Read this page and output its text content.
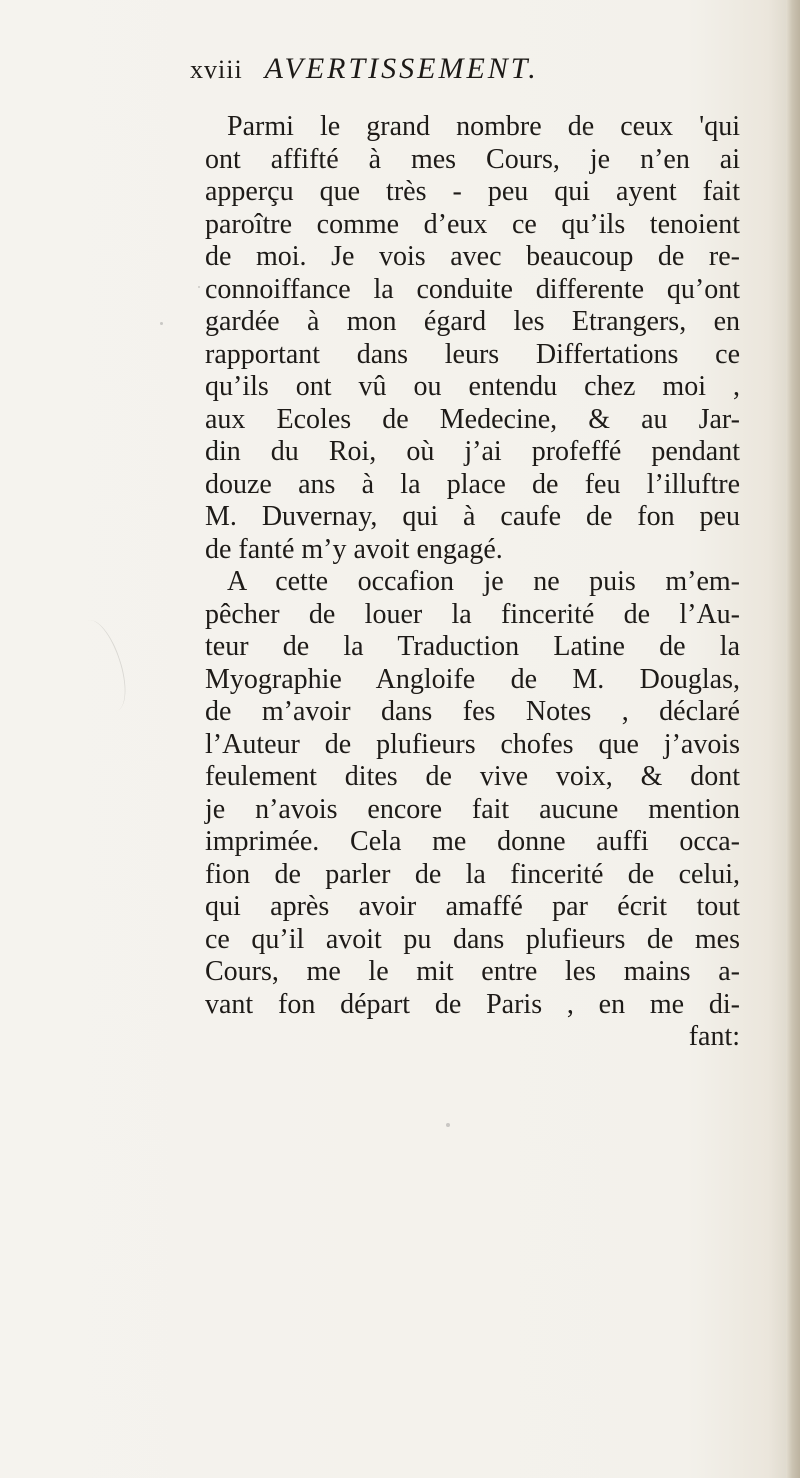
xviii AVERTISSEMENT.
Parmi le grand nombre de ceux 'qui
ont affifté à mes Cours, je n’en ai
apperçu que très - peu qui ayent fait
paroître comme d’eux ce qu’ils tenoient
de moi. Je vois avec beaucoup de re-
connoiffance la conduite differente qu’ont
gardée à mon égard les Etrangers, en
rapportant dans leurs Differtations ce
qu’ils ont vû ou entendu chez moi ,
aux Ecoles de Medecine, & au Jar-
din du Roi, où j’ai profeffé pendant
douze ans à la place de feu l’illuftre
M. Duvernay, qui à caufe de fon peu
de fanté m’y avoit engagé.
A cette occafion je ne puis m’em-
pêcher de louer la fincerité de l’Au-
teur de la Traduction Latine de la
Myographie Angloife de M. Douglas,
de m’avoir dans fes Notes , déclaré
l’Auteur de plufieurs chofes que j’avois
feulement dites de vive voix, & dont
je n’avois encore fait aucune mention
imprimée. Cela me donne auffi occa-
fion de parler de la fincerité de celui,
qui après avoir amaffé par écrit tout
ce qu’il avoit pu dans plufieurs de mes
Cours, me le mit entre les mains a-
vant fon départ de Paris , en me di-
fant:
